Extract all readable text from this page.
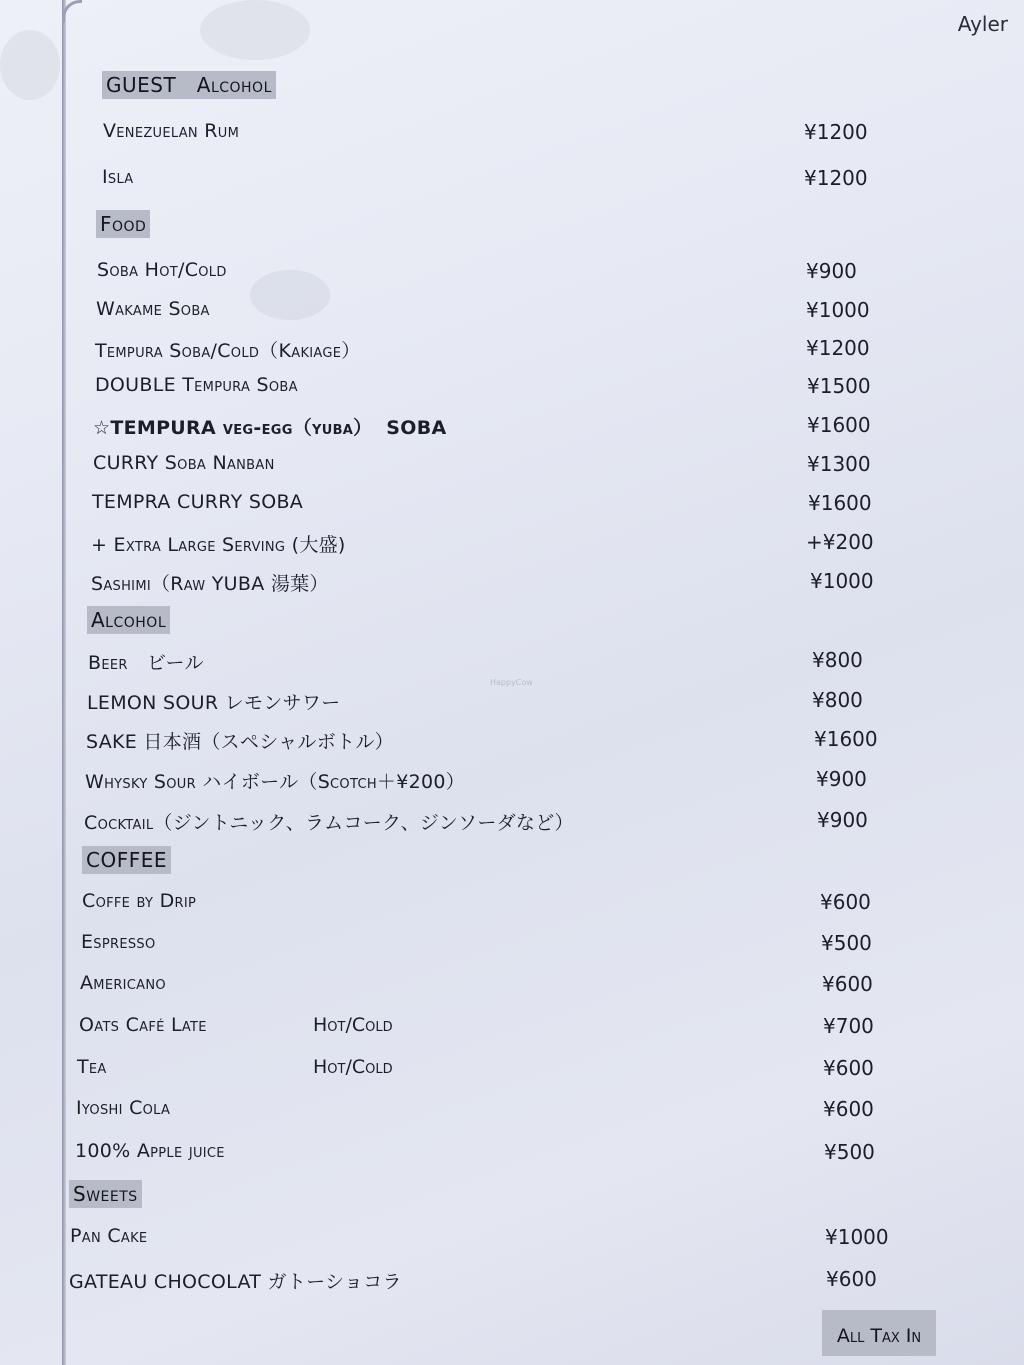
Ayler
HappyCow
GUEST   Alcohol
Venezuelan Rum	¥1200
Isla	¥1200
Food
Soba Hot/Cold	¥900
Wakame Soba	¥1000
Tempura Soba/Cold（Kakiage）	¥1200
DOUBLE Tempura Soba	¥1500
☆TEMPURA veg-egg（yuba）  SOBA	¥1600
CURRY Soba Nanban	¥1300
TEMPRA CURRY SOBA	¥1600
+ Extra Large Serving (大盛)	+¥200
Sashimi（Raw YUBA 湯葉）	¥1000
Alcohol
Beer　ビール	¥800
LEMON SOUR レモンサワー	¥800
SAKE 日本酒（スペシャルボトル）	¥1600
Whysky Sour ハイボール（Scotch＋¥200）	¥900
Cocktail（ジントニック、ラムコーク、ジンソーダなど）	¥900
COFFEE
Coffe by Drip	¥600
Espresso	¥500
Americano	¥600
Oats Café Late	Hot/Cold	¥700
Tea	Hot/Cold	¥600
Iyoshi Cola	¥600
100% Apple juice	¥500
Sweets
Pan Cake	¥1000
GATEAU CHOCOLAT ガトーショコラ	¥600
All Tax In
